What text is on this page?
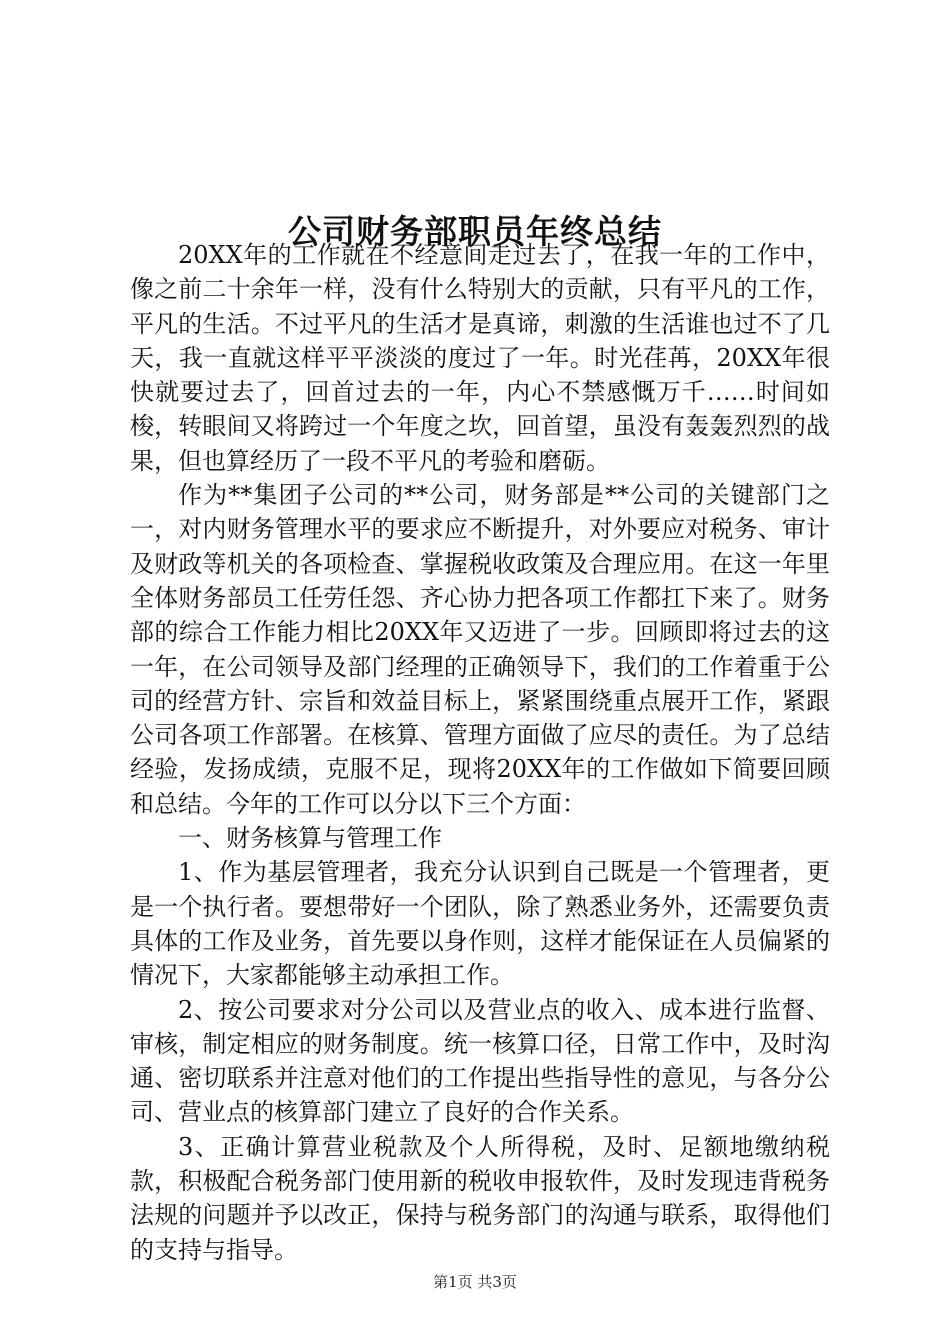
公司财务部职员年终总结

20XX年的工作就在不经意间走过去了，在我一年的工作中，像之前二十余年一样，没有什么特别大的贡献，只有平凡的工作，平凡的生活。不过平凡的生活才是真谛，刺激的生活谁也过不了几天，我一直就这样平平淡淡的度过了一年。时光荏苒，20XX年很快就要过去了，回首过去的一年，内心不禁感慨万千……时间如梭，转眼间又将跨过一个年度之坎，回首望，虽没有轰轰烈烈的战果，但也算经历了一段不平凡的考验和磨砺。

作为**集团子公司的**公司，财务部是**公司的关键部门之一，对内财务管理水平的要求应不断提升，对外要应对税务、审计及财政等机关的各项检查、掌握税收政策及合理应用。在这一年里全体财务部员工任劳任怨、齐心协力把各项工作都扛下来了。财务部的综合工作能力相比20XX年又迈进了一步。回顾即将过去的这一年，在公司领导及部门经理的正确领导下，我们的工作着重于公司的经营方针、宗旨和效益目标上，紧紧围绕重点展开工作，紧跟公司各项工作部署。在核算、管理方面做了应尽的责任。为了总结经验，发扬成绩，克服不足，现将20XX年的工作做如下简要回顾和总结。今年的工作可以分以下三个方面：

一、财务核算与管理工作

1、作为基层管理者，我充分认识到自己既是一个管理者，更是一个执行者。要想带好一个团队，除了熟悉业务外，还需要负责具体的工作及业务，首先要以身作则，这样才能保证在人员偏紧的情况下，大家都能够主动承担工作。

2、按公司要求对分公司以及营业点的收入、成本进行监督、审核，制定相应的财务制度。统一核算口径，日常工作中，及时沟通、密切联系并注意对他们的工作提出些指导性的意见，与各分公司、营业点的核算部门建立了良好的合作关系。

3、正确计算营业税款及个人所得税，及时、足额地缴纳税款，积极配合税务部门使用新的税收申报软件，及时发现违背税务法规的问题并予以改正，保持与税务部门的沟通与联系，取得他们的支持与指导。

第1页 共3页
